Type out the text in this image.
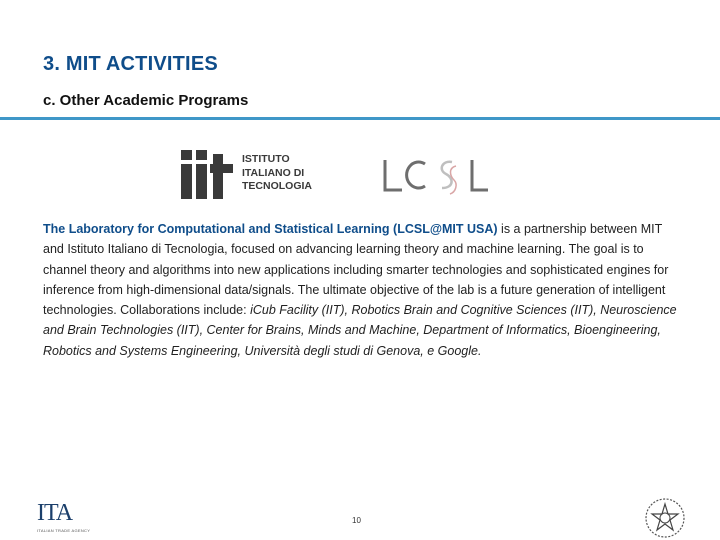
3. MIT ACTIVITIES
c. Other Academic Programs
ISTITUTO
ITALIANO DI
TECNOLOGIA
The Laboratory for Computational and Statistical Learning (LCSL@MIT USA) is a partnership between MIT and Istituto Italiano di Tecnologia, focused on advancing learning theory and machine learning. The goal is to channel theory and algorithms into new applications including smarter technologies and sophisticated engines for inference from high-dimensional data/signals. The ultimate objective of the lab is a future generation of intelligent technologies. Collaborations include: iCub Facility (IIT), Robotics Brain and Cognitive Sciences (IIT), Neuroscience and Brain Technologies (IIT), Center for Brains, Minds and Machine, Department of Informatics, Bioengineering, Robotics and Systems Engineering, Università degli studi di Genova, e Google.
ITA
ITALIAN TRADE AGENCY
10
